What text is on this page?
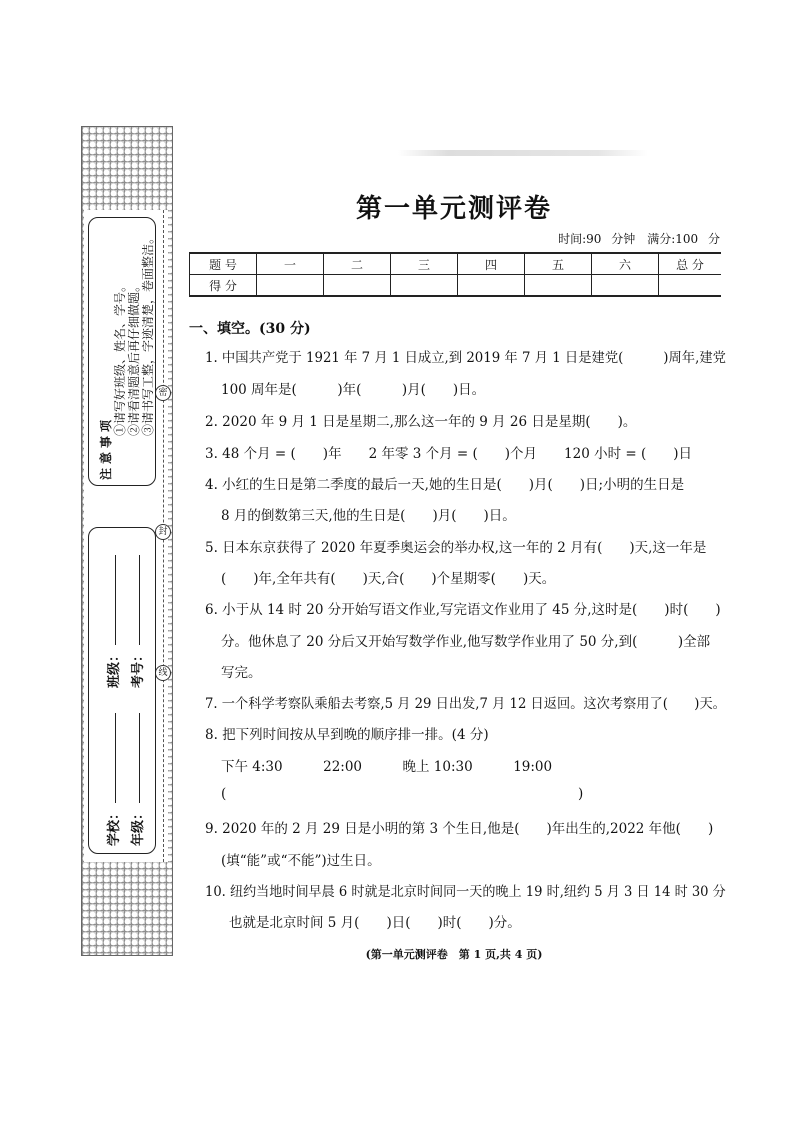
密
封
线
注意事项
①请写好班级、姓名、学号。 ②请看清题意后再仔细做题。 ③请书写工整，字迹清楚，卷面整洁。
学校：
班级：
年级：
考号：
第一单元测评卷
时间:90 分钟　 满分:100 分
题 号	一	二	三	四	五	六	总 分
得 分							
一、填空。(30 分)
1. 中国共产党于 1921 年 7 月 1 日成立,到 2019 年 7 月 1 日是建党(　　　)周年,建党
100 周年是(　　　)年(　　　)月(　　)日。
2. 2020 年 9 月 1 日是星期二,那么这一年的 9 月 26 日是星期(　　)。
3. 48 个月 = (　　)年　　2 年零 3 个月 = (　　)个月　　120 小时 = (　　)日
4. 小红的生日是第二季度的最后一天,她的生日是(　　)月(　　)日;小明的生日是
8 月的倒数第三天,他的生日是(　　)月(　　)日。
5. 日本东京获得了 2020 年夏季奥运会的举办权,这一年的 2 月有(　　)天,这一年是
(　　)年,全年共有(　　)天,合(　　)个星期零(　　)天。
6. 小于从 14 时 20 分开始写语文作业,写完语文作业用了 45 分,这时是(　　)时(　　)
分。他休息了 20 分后又开始写数学作业,他写数学作业用了 50 分,到(　　　)全部
写完。
7. 一个科学考察队乘船去考察,5 月 29 日出发,7 月 12 日返回。这次考察用了(　　)天。
8. 把下列时间按从早到晚的顺序排一排。(4 分)
下午 4:30　　　22:00　　　晚上 10:30　　　19:00
(	)
9. 2020 年的 2 月 29 日是小明的第 3 个生日,他是(　　)年出生的,2022 年他(　　)
(填“能”或“不能”)过生日。
10. 纽约当地时间早晨 6 时就是北京时间同一天的晚上 19 时,纽约 5 月 3 日 14 时 30 分
也就是北京时间 5 月(　　)日(　　)时(　　)分。
(第一单元测评卷　第 1 页,共 4 页)
